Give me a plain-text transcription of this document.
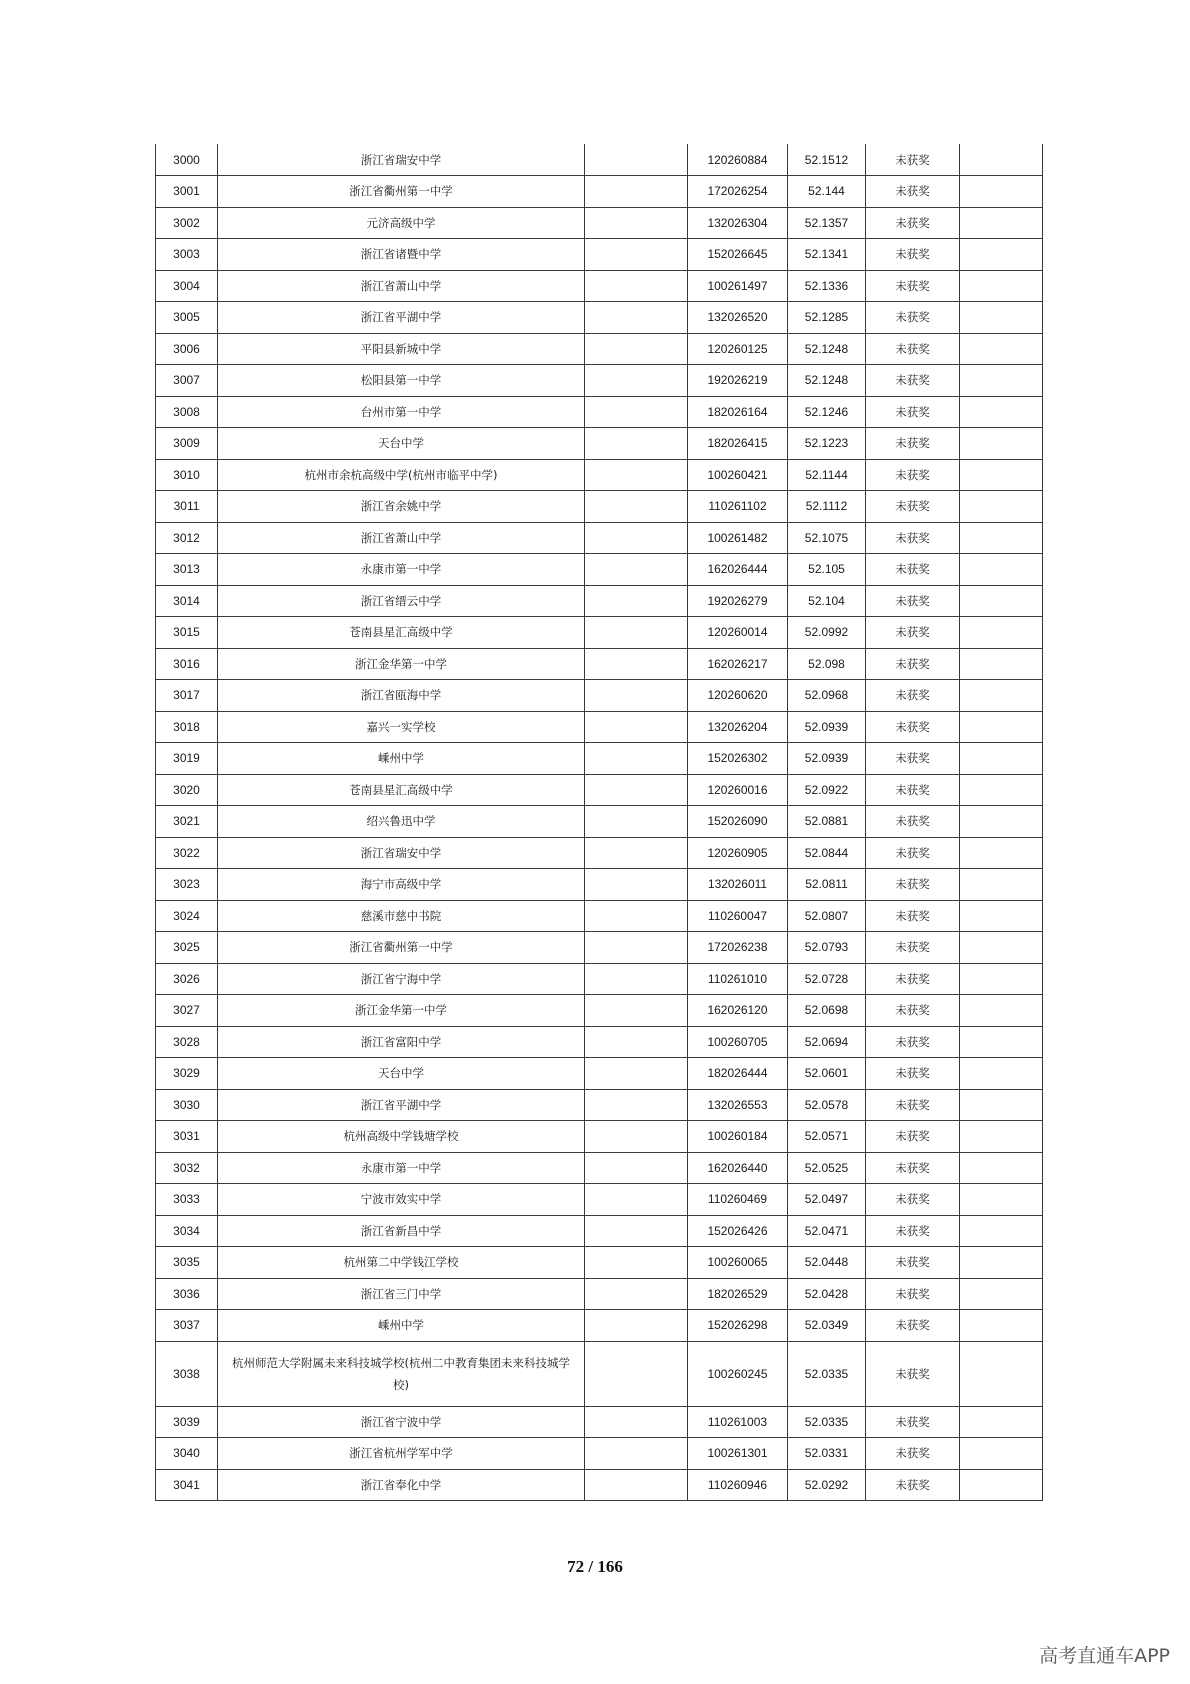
3000	浙江省瑞安中学		120260884	52.1512	未获奖	
3001	浙江省衢州第一中学		172026254	52.144	未获奖	
3002	元济高级中学		132026304	52.1357	未获奖	
3003	浙江省诸暨中学		152026645	52.1341	未获奖	
3004	浙江省萧山中学		100261497	52.1336	未获奖	
3005	浙江省平湖中学		132026520	52.1285	未获奖	
3006	平阳县新城中学		120260125	52.1248	未获奖	
3007	松阳县第一中学		192026219	52.1248	未获奖	
3008	台州市第一中学		182026164	52.1246	未获奖	
3009	天台中学		182026415	52.1223	未获奖	
3010	杭州市余杭高级中学(杭州市临平中学)		100260421	52.1144	未获奖	
3011	浙江省余姚中学		110261102	52.1112	未获奖	
3012	浙江省萧山中学		100261482	52.1075	未获奖	
3013	永康市第一中学		162026444	52.105	未获奖	
3014	浙江省缙云中学		192026279	52.104	未获奖	
3015	苍南县星汇高级中学		120260014	52.0992	未获奖	
3016	浙江金华第一中学		162026217	52.098	未获奖	
3017	浙江省瓯海中学		120260620	52.0968	未获奖	
3018	嘉兴一实学校		132026204	52.0939	未获奖	
3019	嵊州中学		152026302	52.0939	未获奖	
3020	苍南县星汇高级中学		120260016	52.0922	未获奖	
3021	绍兴鲁迅中学		152026090	52.0881	未获奖	
3022	浙江省瑞安中学		120260905	52.0844	未获奖	
3023	海宁市高级中学		132026011	52.0811	未获奖	
3024	慈溪市慈中书院		110260047	52.0807	未获奖	
3025	浙江省衢州第一中学		172026238	52.0793	未获奖	
3026	浙江省宁海中学		110261010	52.0728	未获奖	
3027	浙江金华第一中学		162026120	52.0698	未获奖	
3028	浙江省富阳中学		100260705	52.0694	未获奖	
3029	天台中学		182026444	52.0601	未获奖	
3030	浙江省平湖中学		132026553	52.0578	未获奖	
3031	杭州高级中学钱塘学校		100260184	52.0571	未获奖	
3032	永康市第一中学		162026440	52.0525	未获奖	
3033	宁波市效实中学		110260469	52.0497	未获奖	
3034	浙江省新昌中学		152026426	52.0471	未获奖	
3035	杭州第二中学钱江学校		100260065	52.0448	未获奖	
3036	浙江省三门中学		182026529	52.0428	未获奖	
3037	嵊州中学		152026298	52.0349	未获奖	
3038	杭州师范大学附属未来科技城学校(杭州二中教育集团未来科技城学校)		100260245	52.0335	未获奖	
3039	浙江省宁波中学		110261003	52.0335	未获奖	
3040	浙江省杭州学军中学		100261301	52.0331	未获奖	
3041	浙江省奉化中学		110260946	52.0292	未获奖	
72 / 166
高考直通车APP
